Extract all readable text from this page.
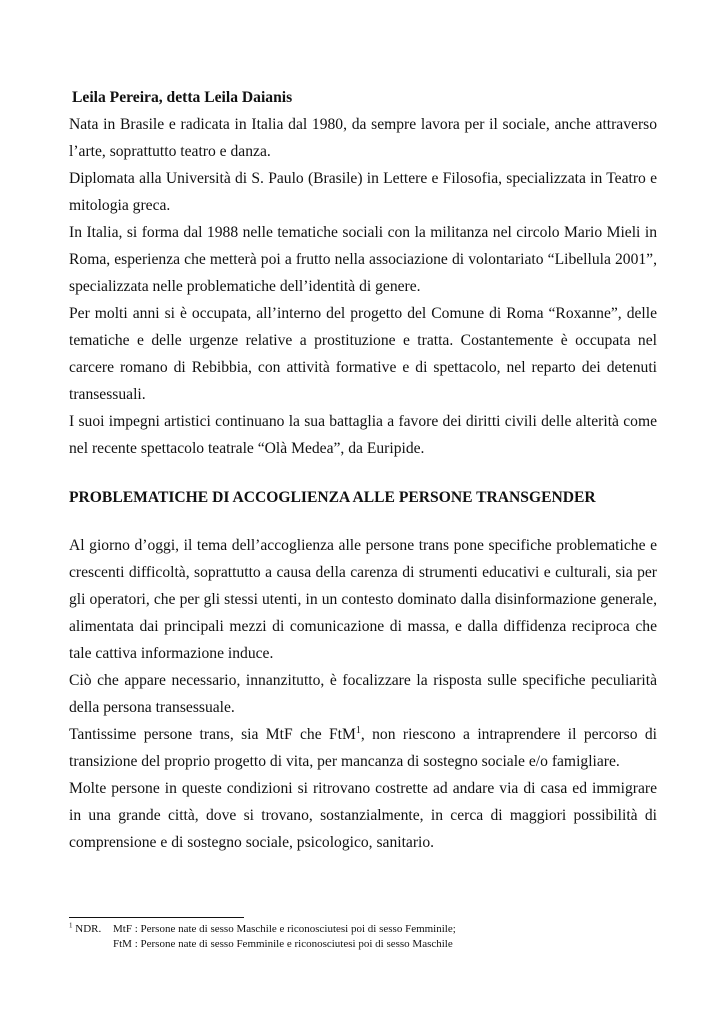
Leila Pereira, detta Leila Daianis

Nata in Brasile e radicata in Italia dal 1980, da sempre lavora per il sociale, anche attraverso l’arte, soprattutto teatro e danza.

Diplomata alla Università di S. Paulo (Brasile) in Lettere e Filosofia, specializzata in Teatro e mitologia greca.

In Italia, si forma dal 1988 nelle tematiche sociali con la militanza nel circolo Mario Mieli in Roma, esperienza che metterà poi a frutto nella associazione di volontariato “Libellula 2001”, specializzata nelle problematiche dell’identità di genere.

Per molti anni si è occupata, all’interno del progetto del Comune di Roma “Roxanne”, delle tematiche e delle urgenze relative a prostituzione e tratta. Costantemente è occupata nel carcere romano di Rebibbia, con attività formative e di spettacolo, nel reparto dei detenuti transessuali.

I suoi impegni artistici continuano la sua battaglia a favore dei diritti civili delle alterità come nel recente spettacolo teatrale “Olà Medea”, da Euripide.

PROBLEMATICHE DI ACCOGLIENZA ALLE PERSONE TRANSGENDER

Al giorno d’oggi, il tema dell’accoglienza alle persone trans pone specifiche problematiche e crescenti difficoltà, soprattutto a causa della carenza di strumenti educativi e culturali, sia per gli operatori, che per gli stessi utenti, in un contesto dominato dalla disinformazione generale, alimentata dai principali mezzi di comunicazione di massa, e dalla diffidenza reciproca che tale cattiva informazione induce.

Ciò che appare necessario, innanzitutto, è focalizzare la risposta sulle specifiche peculiarità della persona transessuale.

Tantissime persone trans, sia MtF che FtM$^1$, non riescono a intraprendere il percorso di transizione del proprio progetto di vita, per mancanza di sostegno sociale e/o famigliare.

Molte persone in queste condizioni si ritrovano costrette ad andare via di casa ed immigrare in una grande città, dove si trovano, sostanzialmente, in cerca di maggiori possibilità di comprensione e di sostegno sociale, psicologico, sanitario.

$^1$ NDR.	MtF : Persone nate di sesso Maschile e riconosciutesi poi di sesso Femminile;
FtM : Persone nate di sesso Femminile e riconosciutesi poi di sesso Maschile
